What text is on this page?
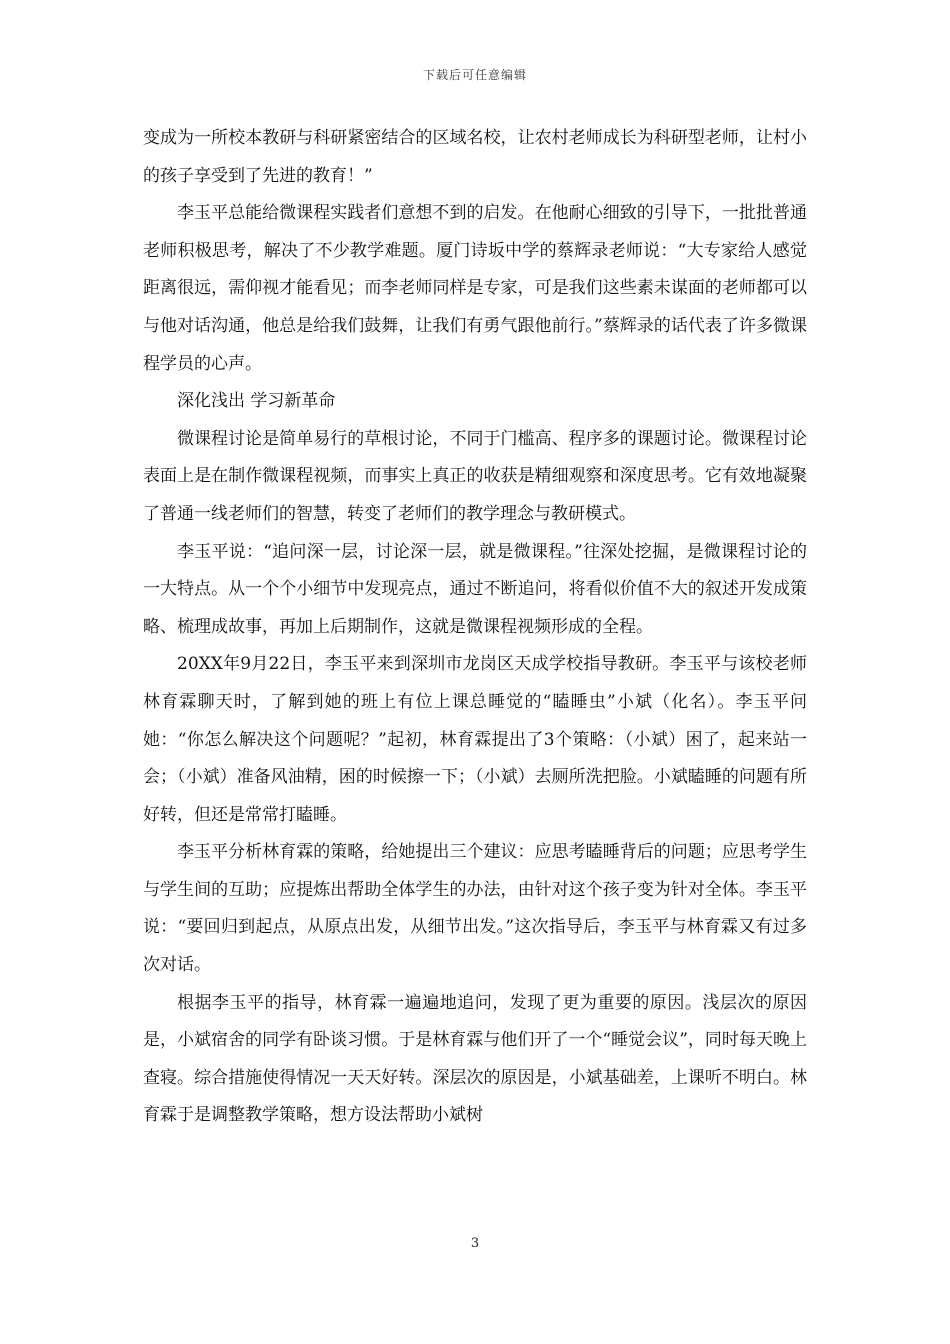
下载后可任意编辑

变成为一所校本教研与科研紧密结合的区域名校，让农村老师成长为科研型老师，让村小的孩子享受到了先进的教育！”

李玉平总能给微课程实践者们意想不到的启发。在他耐心细致的引导下，一批批普通老师积极思考，解决了不少教学难题。厦门诗坂中学的蔡辉录老师说：“大专家给人感觉距离很远，需仰视才能看见；而李老师同样是专家，可是我们这些素未谋面的老师都可以与他对话沟通，他总是给我们鼓舞，让我们有勇气跟他前行。”蔡辉录的话代表了许多微课程学员的心声。

深化浅出 学习新革命

微课程讨论是简单易行的草根讨论，不同于门槛高、程序多的课题讨论。微课程讨论表面上是在制作微课程视频，而事实上真正的收获是精细观察和深度思考。它有效地凝聚了普通一线老师们的智慧，转变了老师们的教学理念与教研模式。

李玉平说：“追问深一层，讨论深一层，就是微课程。”往深处挖掘，是微课程讨论的一大特点。从一个个小细节中发现亮点，通过不断追问，将看似价值不大的叙述开发成策略、梳理成故事，再加上后期制作，这就是微课程视频形成的全程。

20XX年9月22日，李玉平来到深圳市龙岗区天成学校指导教研。李玉平与该校老师林育霖聊天时，了解到她的班上有位上课总睡觉的“瞌睡虫”小斌（化名）。李玉平问她：“你怎么解决这个问题呢？”起初，林育霖提出了3个策略：（小斌）困了，起来站一会；（小斌）准备风油精，困的时候擦一下；（小斌）去厕所洗把脸。小斌瞌睡的问题有所好转，但还是常常打瞌睡。

李玉平分析林育霖的策略，给她提出三个建议：应思考瞌睡背后的问题；应思考学生与学生间的互助；应提炼出帮助全体学生的办法，由针对这个孩子变为针对全体。李玉平说：“要回归到起点，从原点出发，从细节出发。”这次指导后，李玉平与林育霖又有过多次对话。

根据李玉平的指导，林育霖一遍遍地追问，发现了更为重要的原因。浅层次的原因是，小斌宿舍的同学有卧谈习惯。于是林育霖与他们开了一个“睡觉会议”，同时每天晚上查寝。综合措施使得情况一天天好转。深层次的原因是，小斌基础差，上课听不明白。林育霖于是调整教学策略，想方设法帮助小斌树

3
